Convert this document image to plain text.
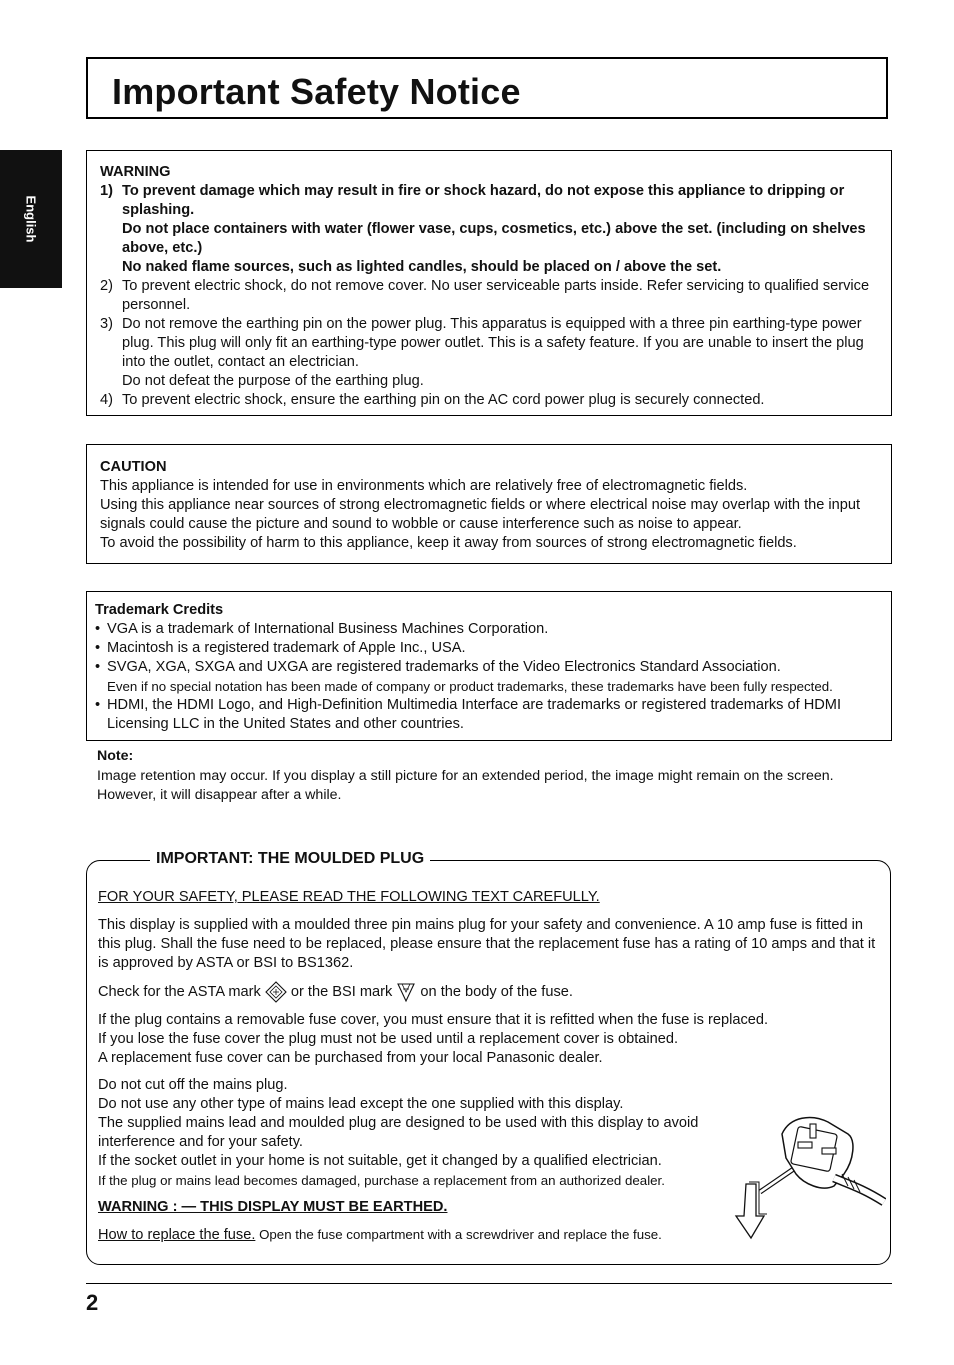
Important Safety Notice
English
WARNING
1) To prevent damage which may result in fire or shock hazard, do not expose this appliance to dripping or splashing.
Do not place containers with water (flower vase, cups, cosmetics, etc.) above the set. (including on shelves above, etc.)
No naked flame sources, such as lighted candles, should be placed on / above the set.
2) To prevent electric shock, do not remove cover. No user serviceable parts inside. Refer servicing to qualified service personnel.
3) Do not remove the earthing pin on the power plug. This apparatus is equipped with a three pin earthing-type power plug. This plug will only fit an earthing-type power outlet. This is a safety feature. If you are unable to insert the plug into the outlet, contact an electrician.
Do not defeat the purpose of the earthing plug.
4) To prevent electric shock, ensure the earthing pin on the AC cord power plug is securely connected.
CAUTION
This appliance is intended for use in environments which are relatively free of electromagnetic fields.
Using this appliance near sources of strong electromagnetic fields or where electrical noise may overlap with the input signals could cause the picture and sound to wobble or cause interference such as noise to appear.
To avoid the possibility of harm to this appliance, keep it away from sources of strong electromagnetic fields.
Trademark Credits
• VGA is a trademark of International Business Machines Corporation.
• Macintosh is a registered trademark of Apple Inc., USA.
• SVGA, XGA, SXGA and UXGA are registered trademarks of the Video Electronics Standard Association.
Even if no special notation has been made of company or product trademarks, these trademarks have been fully respected.
• HDMI, the HDMI Logo, and High-Definition Multimedia Interface are trademarks or registered trademarks of HDMI Licensing LLC in the United States and other countries.
Note:
Image retention may occur. If you display a still picture for an extended period, the image might remain on the screen.
However, it will disappear after a while.
IMPORTANT: THE MOULDED PLUG

FOR YOUR SAFETY, PLEASE READ THE FOLLOWING TEXT CAREFULLY.

This display is supplied with a moulded three pin mains plug for your safety and convenience. A 10 amp fuse is fitted in this plug. Shall the fuse need to be replaced, please ensure that the replacement fuse has a rating of 10 amps and that it is approved by ASTA or BSI to BS1362.

Check for the ASTA mark or the BSI mark on the body of the fuse.

If the plug contains a removable fuse cover, you must ensure that it is refitted when the fuse is replaced.

If you lose the fuse cover the plug must not be used until a replacement cover is obtained.

A replacement fuse cover can be purchased from your local Panasonic dealer.

Do not cut off the mains plug.

Do not use any other type of mains lead except the one supplied with this display.

The supplied mains lead and moulded plug are designed to be used with this display to avoid interference and for your safety.

If the socket outlet in your home is not suitable, get it changed by a qualified electrician.

If the plug or mains lead becomes damaged, purchase a replacement from an authorized dealer.

WARNING : — THIS DISPLAY MUST BE EARTHED.

How to replace the fuse. Open the fuse compartment with a screwdriver and replace the fuse.

2
